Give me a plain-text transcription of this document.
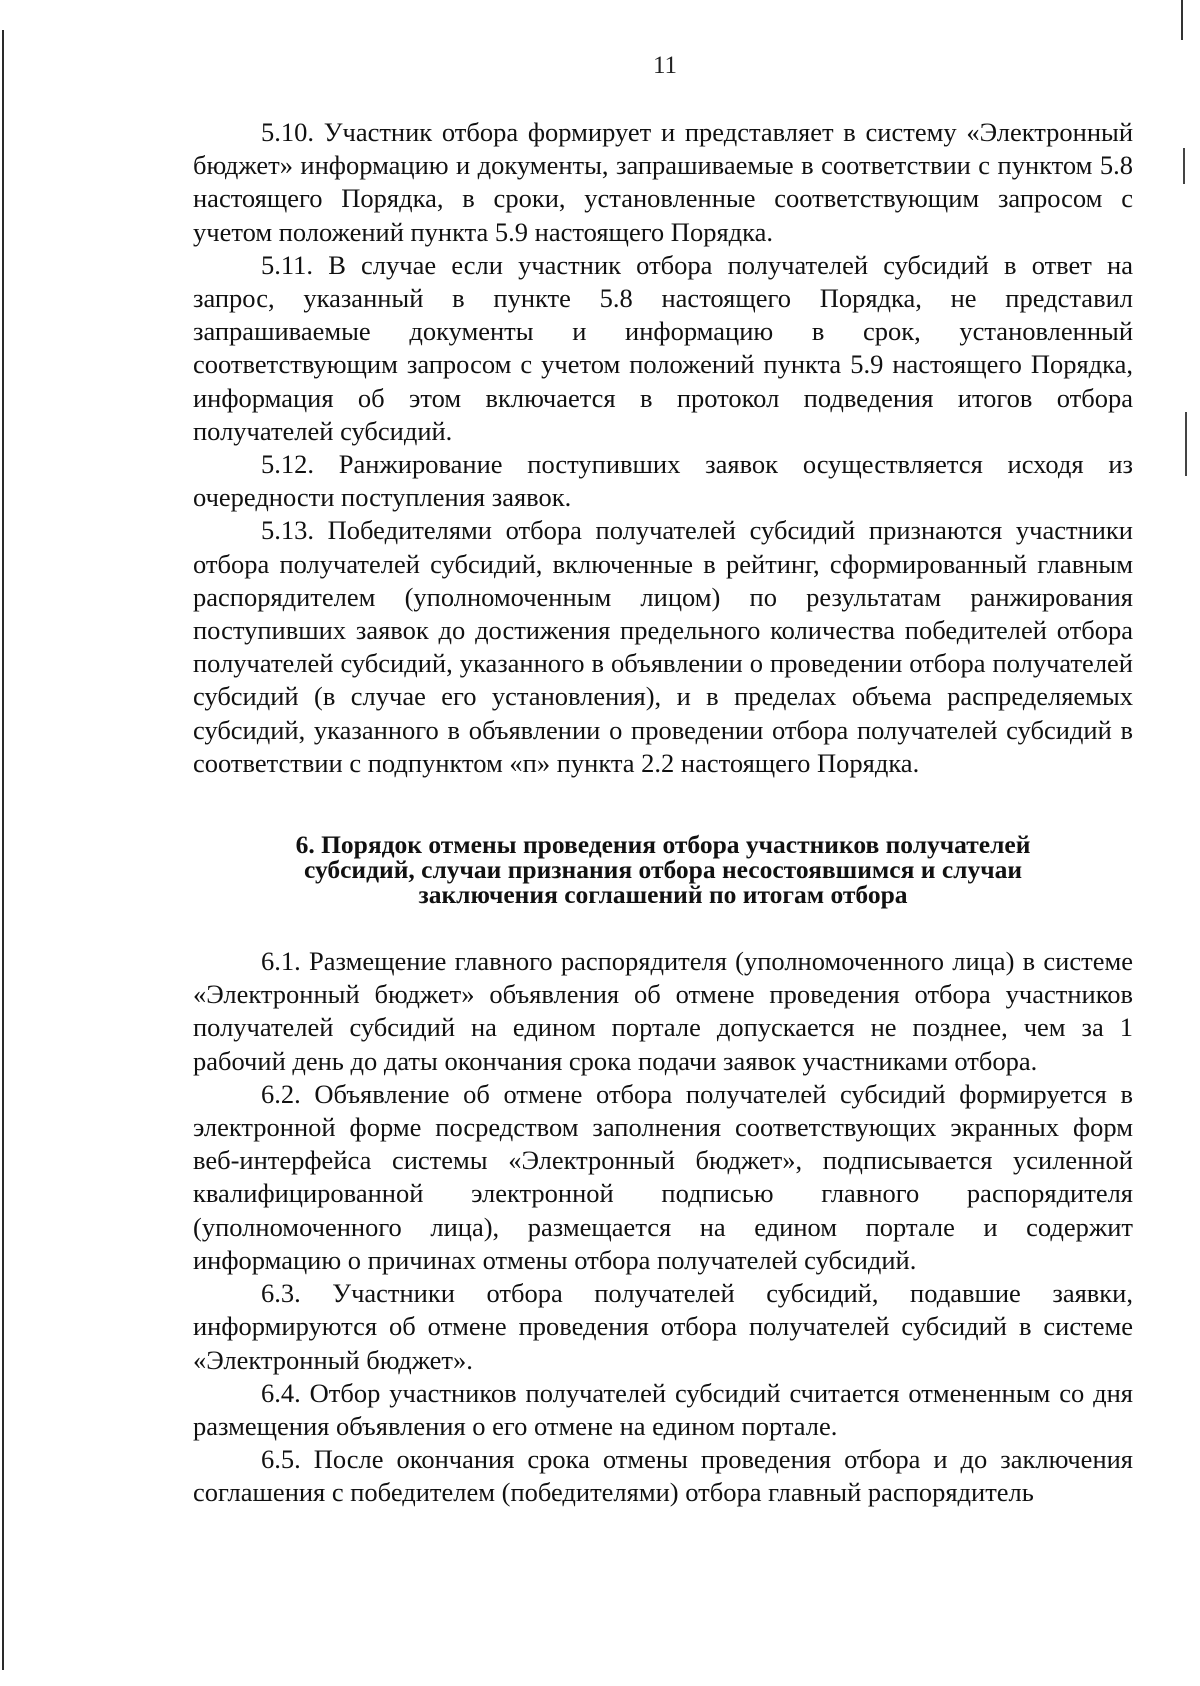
11

5.10. Участник отбора формирует и представляет в систему «Электронный бюджет» информацию и документы, запрашиваемые в соответствии с пунктом 5.8 настоящего Порядка, в сроки, установленные соответствующим запросом с учетом положений пункта 5.9 настоящего Порядка.

5.11. В случае если участник отбора получателей субсидий в ответ на запрос, указанный в пункте 5.8 настоящего Порядка, не представил запрашиваемые документы и информацию в срок, установленный соответствующим запросом с учетом положений пункта 5.9 настоящего Порядка, информация об этом включается в протокол подведения итогов отбора получателей субсидий.

5.12. Ранжирование поступивших заявок осуществляется исходя из очередности поступления заявок.

5.13. Победителями отбора получателей субсидий признаются участники отбора получателей субсидий, включенные в рейтинг, сформированный главным распорядителем (уполномоченным лицом) по результатам ранжирования поступивших заявок до достижения предельного количества победителей отбора получателей субсидий, указанного в объявлении о проведении отбора получателей субсидий (в случае его установления), и в пределах объема распределяемых субсидий, указанного в объявлении о проведении отбора получателей субсидий в соответствии с подпунктом «п» пункта 2.2 настоящего Порядка.

6. Порядок отмены проведения отбора участников получателей
субсидий, случаи признания отбора несостоявшимся и случаи
заключения соглашений по итогам отбора

6.1. Размещение главного распорядителя (уполномоченного лица) в системе «Электронный бюджет» объявления об отмене проведения отбора участников получателей субсидий на едином портале допускается не позднее, чем за 1 рабочий день до даты окончания срока подачи заявок участниками отбора.

6.2. Объявление об отмене отбора получателей субсидий формируется в электронной форме посредством заполнения соответствующих экранных форм веб-интерфейса системы «Электронный бюджет», подписывается усиленной квалифицированной электронной подписью главного распорядителя (уполномоченного лица), размещается на едином портале и содержит информацию о причинах отмены отбора получателей субсидий.

6.3. Участники отбора получателей субсидий, подавшие заявки, информируются об отмене проведения отбора получателей субсидий в системе «Электронный бюджет».

6.4. Отбор участников получателей субсидий считается отмененным со дня размещения объявления о его отмене на едином портале.

6.5. После окончания срока отмены проведения отбора и до заключения соглашения с победителем (победителями) отбора главный распорядитель
